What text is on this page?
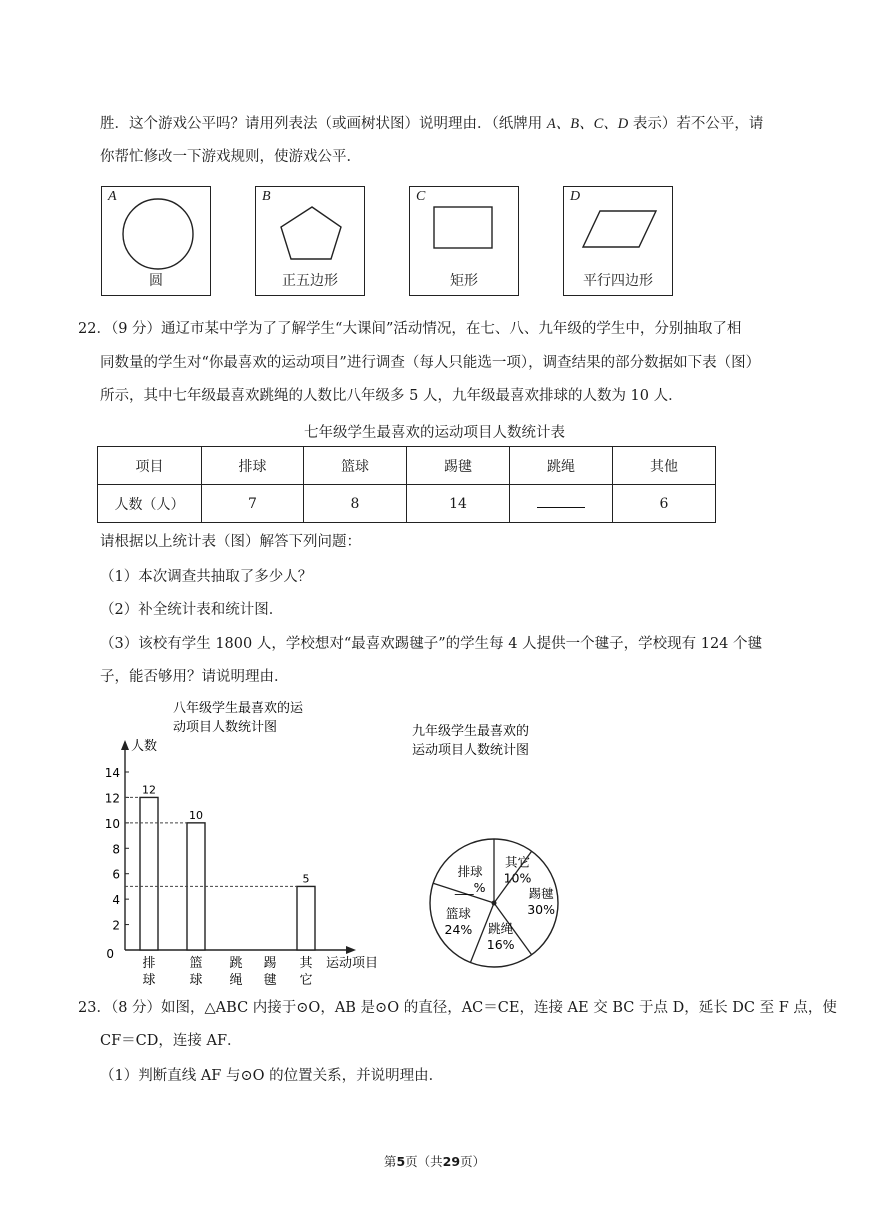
胜．这个游戏公平吗？请用列表法（或画树状图）说明理由．（纸牌用 A、B、C、D 表示）若不公平，请
你帮忙修改一下游戏规则，使游戏公平．
A
圆
B
正五边形
C
矩形
D
平行四边形
22．（9 分）通辽市某中学为了了解学生“大课间”活动情况，在七、八、九年级的学生中，分别抽取了相
同数量的学生对“你最喜欢的运动项目”进行调查（每人只能选一项），调查结果的部分数据如下表（图）
所示，其中七年级最喜欢跳绳的人数比八年级多 5 人，九年级最喜欢排球的人数为 10 人．
七年级学生最喜欢的运动项目人数统计表
项目	排球	篮球	踢毽	跳绳	其他
人数（人）	7	8	14		6
请根据以上统计表（图）解答下列问题：
（1）本次调查共抽取了多少人？
（2）补全统计表和统计图．
（3）该校有学生 1800 人，学校想对“最喜欢踢毽子”的学生每 4 人提供一个毽子，学校现有 124 个毽
子，能否够用？请说明理由．
八年级学生最喜欢的运
动项目人数统计图
人数
运动项目
0
2
4
6
8
10
12
14
12
排
球
10
篮
球
跳
绳
踢
毽
5
其
它
九年级学生最喜欢的
运动项目人数统计图
其它
10%
踢毽
30%
跳绳
16%
篮球
24%
排球
___%
23．（8 分）如图，△ABC 内接于⊙O，AB 是⊙O 的直径，AC＝CE，连接 AE 交 BC 于点 D，延长 DC 至 F 点，使
CF＝CD，连接 AF．
（1）判断直线 AF 与⊙O 的位置关系，并说明理由．
第5页（共29页）
